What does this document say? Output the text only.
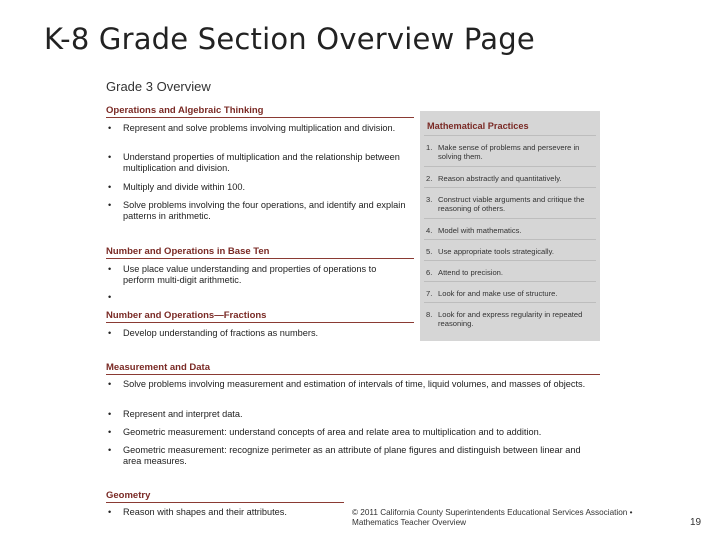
K-8 Grade Section Overview Page
Grade 3 Overview
Operations and Algebraic Thinking
• Represent and solve problems involving multiplication and division.
• Understand properties of multiplication and the relationship between multiplication and division.
• Multiply and divide within 100.
• Solve problems involving the four operations, and identify and explain patterns in arithmetic.
Number and Operations in Base Ten
• Use place value understanding and properties of operations to perform multi-digit arithmetic.
•
Number and Operations—Fractions
• Develop understanding of fractions as numbers.
Mathematical Practices
1. Make sense of problems and persevere in solving them.
2. Reason abstractly and quantitatively.
3. Construct viable arguments and critique the reasoning of others.
4. Model with mathematics.
5. Use appropriate tools strategically.
6. Attend to precision.
7. Look for and make use of structure.
8. Look for and express regularity in repeated reasoning.
Measurement and Data
• Solve problems involving measurement and estimation of intervals of time, liquid volumes, and masses of objects.
• Represent and interpret data.
• Geometric measurement: understand concepts of area and relate area to multiplication and to addition.
• Geometric measurement: recognize perimeter as an attribute of plane figures and distinguish between linear and area measures.
Geometry
• Reason with shapes and their attributes.	© 2011 California County Superintendents Educational Services Association • Mathematics Teacher Overview	19
